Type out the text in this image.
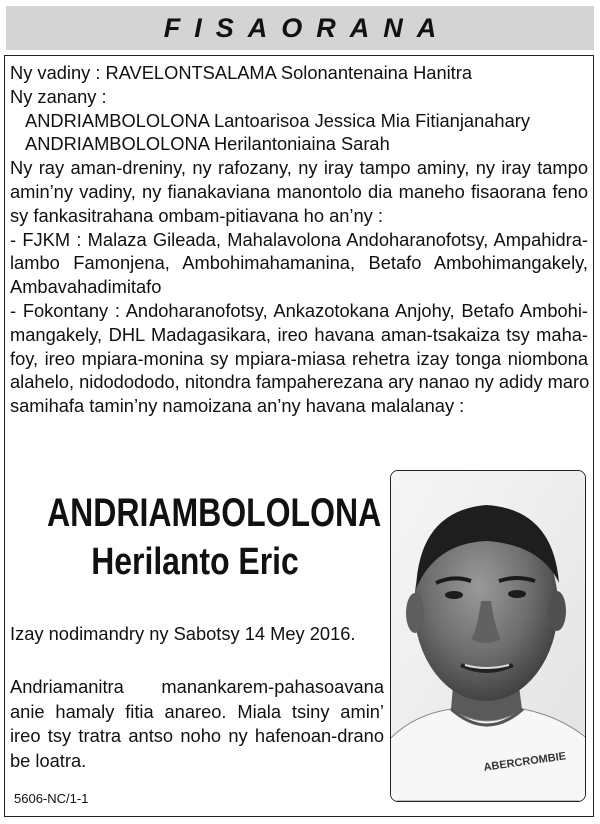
FISAORANA
Ny vadiny : RAVELONTSALAMA Solonantenaina Hanitra
Ny zanany :
ANDRIAMBOLOLONA Lantoarisoa Jessica Mia Fitianjanahary
ANDRIAMBOLOLONA Herilantoniaina Sarah
Ny ray aman-dreniny, ny rafozany, ny iray tampo aminy, ny iray tampo
amin’ny vadiny, ny fianakaviana manontolo dia maneho fisaorana feno
sy fankasitrahana ombam-pitiavana ho an’ny :
- FJKM : Malaza Gileada, Mahalavolona Andoharanofotsy, Ampahidra-
lambo Famonjena, Ambohimahamanina, Betafo Ambohimangakely,
Ambavahadimitafo
- Fokontany : Andoharanofotsy, Ankazotokana Anjohy, Betafo Ambohi-
mangakely, DHL Madagasikara, ireo havana aman-tsakaiza tsy maha-
foy, ireo mpiara-monina sy mpiara-miasa rehetra izay tonga niombona
alahelo, nidodododo, nitondra fampaherezana ary nanao ny adidy maro
samihafa tamin’ny namoizana an’ny havana malalanay :
ANDRIAMBOLOLONA
Herilanto Eric
Izay nodimandry ny Sabotsy 14 Mey 2016.
Andriamanitra manankarem-pahasoavana
anie hamaly fitia anareo. Miala tsiny amin’
ireo tsy tratra antso noho ny hafenoan-drano
be loatra.
5606-NC/1-1
ABERCROMBIE
